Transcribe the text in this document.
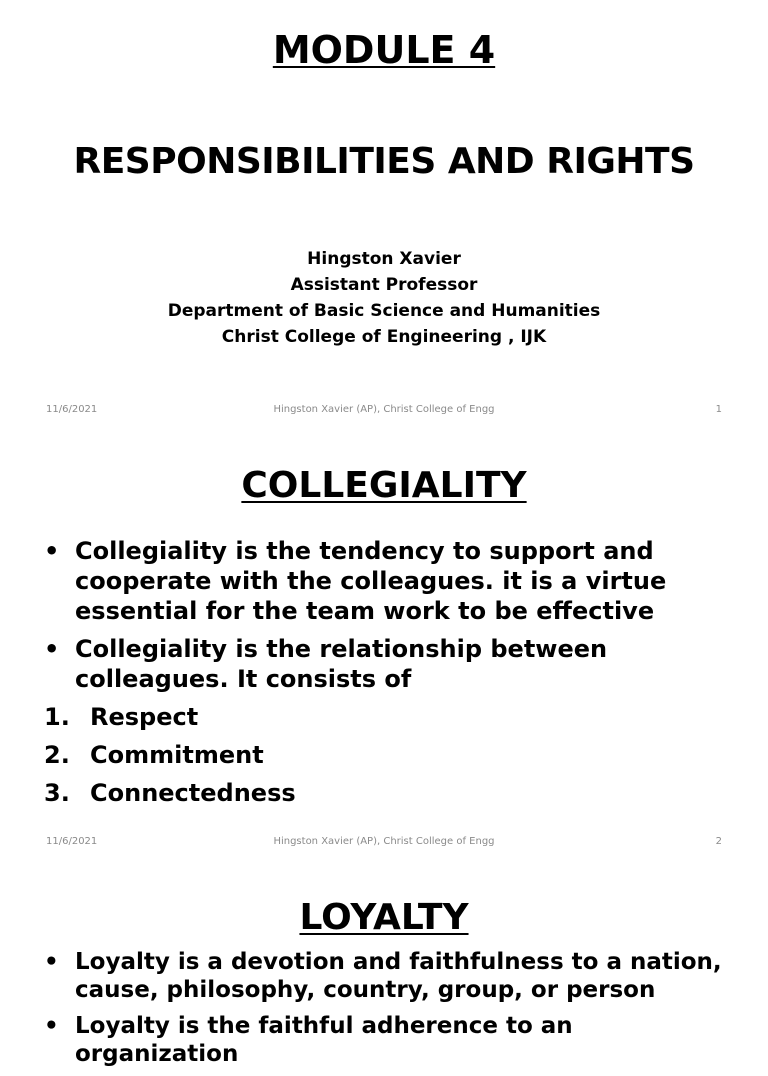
MODULE 4
RESPONSIBILITIES AND RIGHTS
Hingston Xavier
Assistant Professor
Department of Basic Science and Humanities
Christ College of Engineering , IJK
Hingston Xavier (AP), Christ College of Engg
11/6/2021	1
COLLEGIALITY
• Collegiality is the tendency to support and cooperate with the colleagues. it is a virtue essential for the team work to be effective
• Collegiality is the relationship between colleagues. It consists of
1. Respect
2. Commitment
3. Connectedness
Hingston Xavier (AP), Christ College of Engg
11/6/2021	2
LOYALTY
• Loyalty is a devotion and faithfulness to a nation, cause, philosophy, country, group, or person
• Loyalty is the faithful adherence to an organization
